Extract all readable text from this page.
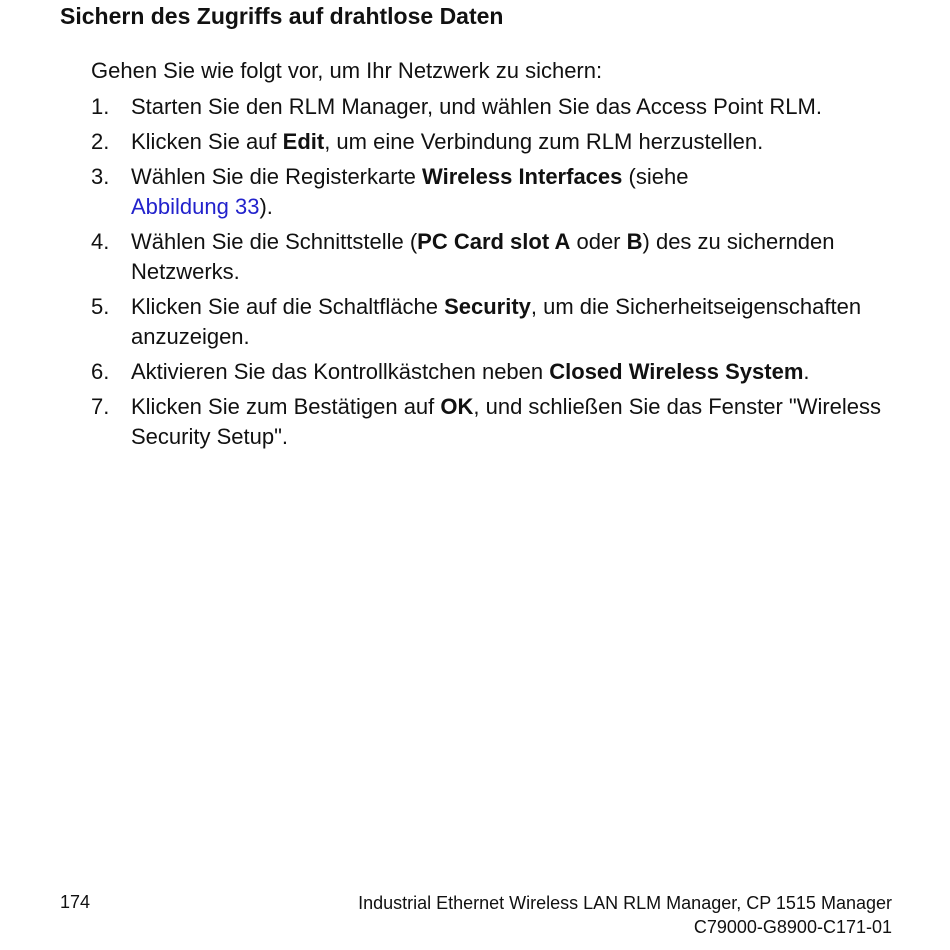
Sichern des Zugriffs auf drahtlose Daten

Gehen Sie wie folgt vor, um Ihr Netzwerk zu sichern:

1. Starten Sie den RLM Manager, und wählen Sie das Access Point RLM.
2. Klicken Sie auf Edit, um eine Verbindung zum RLM herzustellen.
3. Wählen Sie die Registerkarte Wireless Interfaces (siehe
Abbildung 33).
4. Wählen Sie die Schnittstelle (PC Card slot A oder B) des zu sichernden Netzwerks.
5. Klicken Sie auf die Schaltfläche Security, um die Sicherheitseigenschaften anzuzeigen.
6. Aktivieren Sie das Kontrollkästchen neben Closed Wireless System.
7. Klicken Sie zum Bestätigen auf OK, und schließen Sie das Fenster "Wireless Security Setup".
174	Industrial Ethernet Wireless LAN RLM Manager, CP 1515 Manager
C79000-G8900-C171-01
